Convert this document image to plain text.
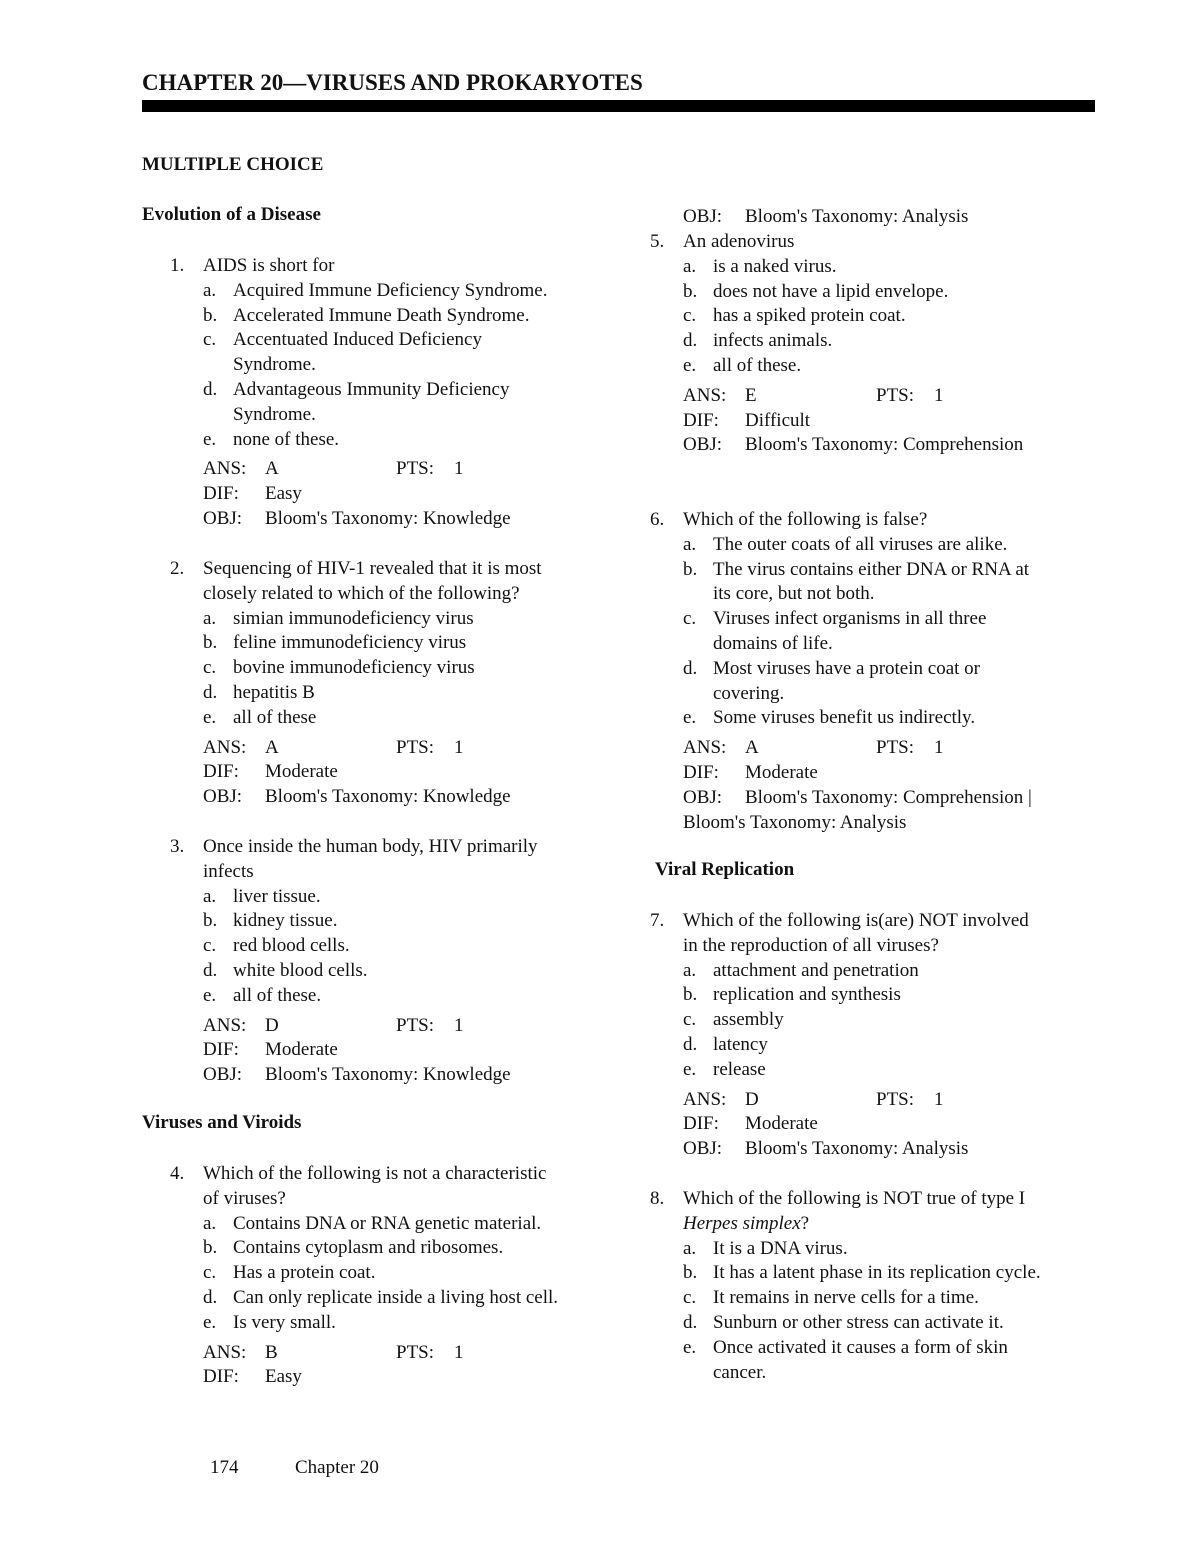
CHAPTER 20—VIRUSES AND PROKARYOTES
MULTIPLE CHOICE
Evolution of a Disease
Viruses and Viroids
Viral Replication
OBJ: Bloom's Taxonomy: Analysis
1. AIDS is short for
a. Acquired Immune Deficiency Syndrome.
b. Accelerated Immune Death Syndrome.
c. Accentuated Induced Deficiency
Syndrome.
d. Advantageous Immunity Deficiency
Syndrome.
e. none of these.
ANS: A	PTS: 1
DIF: Easy
OBJ: Bloom's Taxonomy: Knowledge
2. Sequencing of HIV-1 revealed that it is most
closely related to which of the following?
a. simian immunodeficiency virus
b. feline immunodeficiency virus
c. bovine immunodeficiency virus
d. hepatitis B
e. all of these
ANS: A	PTS: 1
DIF: Moderate
OBJ: Bloom's Taxonomy: Knowledge
3. Once inside the human body, HIV primarily
infects
a. liver tissue.
b. kidney tissue.
c. red blood cells.
d. white blood cells.
e. all of these.
ANS: D	PTS: 1
DIF: Moderate
OBJ: Bloom's Taxonomy: Knowledge
4. Which of the following is not a characteristic
of viruses?
a. Contains DNA or RNA genetic material.
b. Contains cytoplasm and ribosomes.
c. Has a protein coat.
d. Can only replicate inside a living host cell.
e. Is very small.
ANS: B	PTS: 1
DIF: Easy
5. An adenovirus
a. is a naked virus.
b. does not have a lipid envelope.
c. has a spiked protein coat.
d. infects animals.
e. all of these.
ANS: E	PTS: 1
DIF: Difficult
OBJ: Bloom's Taxonomy: Comprehension
6. Which of the following is false?
a. The outer coats of all viruses are alike.
b. The virus contains either DNA or RNA at
its core, but not both.
c. Viruses infect organisms in all three
domains of life.
d. Most viruses have a protein coat or
covering.
e. Some viruses benefit us indirectly.
ANS: A	PTS: 1
DIF: Moderate
OBJ: Bloom's Taxonomy: Comprehension |
Bloom's Taxonomy: Analysis
7. Which of the following is(are) NOT involved
in the reproduction of all viruses?
a. attachment and penetration
b. replication and synthesis
c. assembly
d. latency
e. release
ANS: D	PTS: 1
DIF: Moderate
OBJ: Bloom's Taxonomy: Analysis
8. Which of the following is NOT true of type I
Herpes simplex?
a. It is a DNA virus.
b. It has a latent phase in its replication cycle.
c. It remains in nerve cells for a time.
d. Sunburn or other stress can activate it.
e. Once activated it causes a form of skin
cancer.
174	Chapter 20
